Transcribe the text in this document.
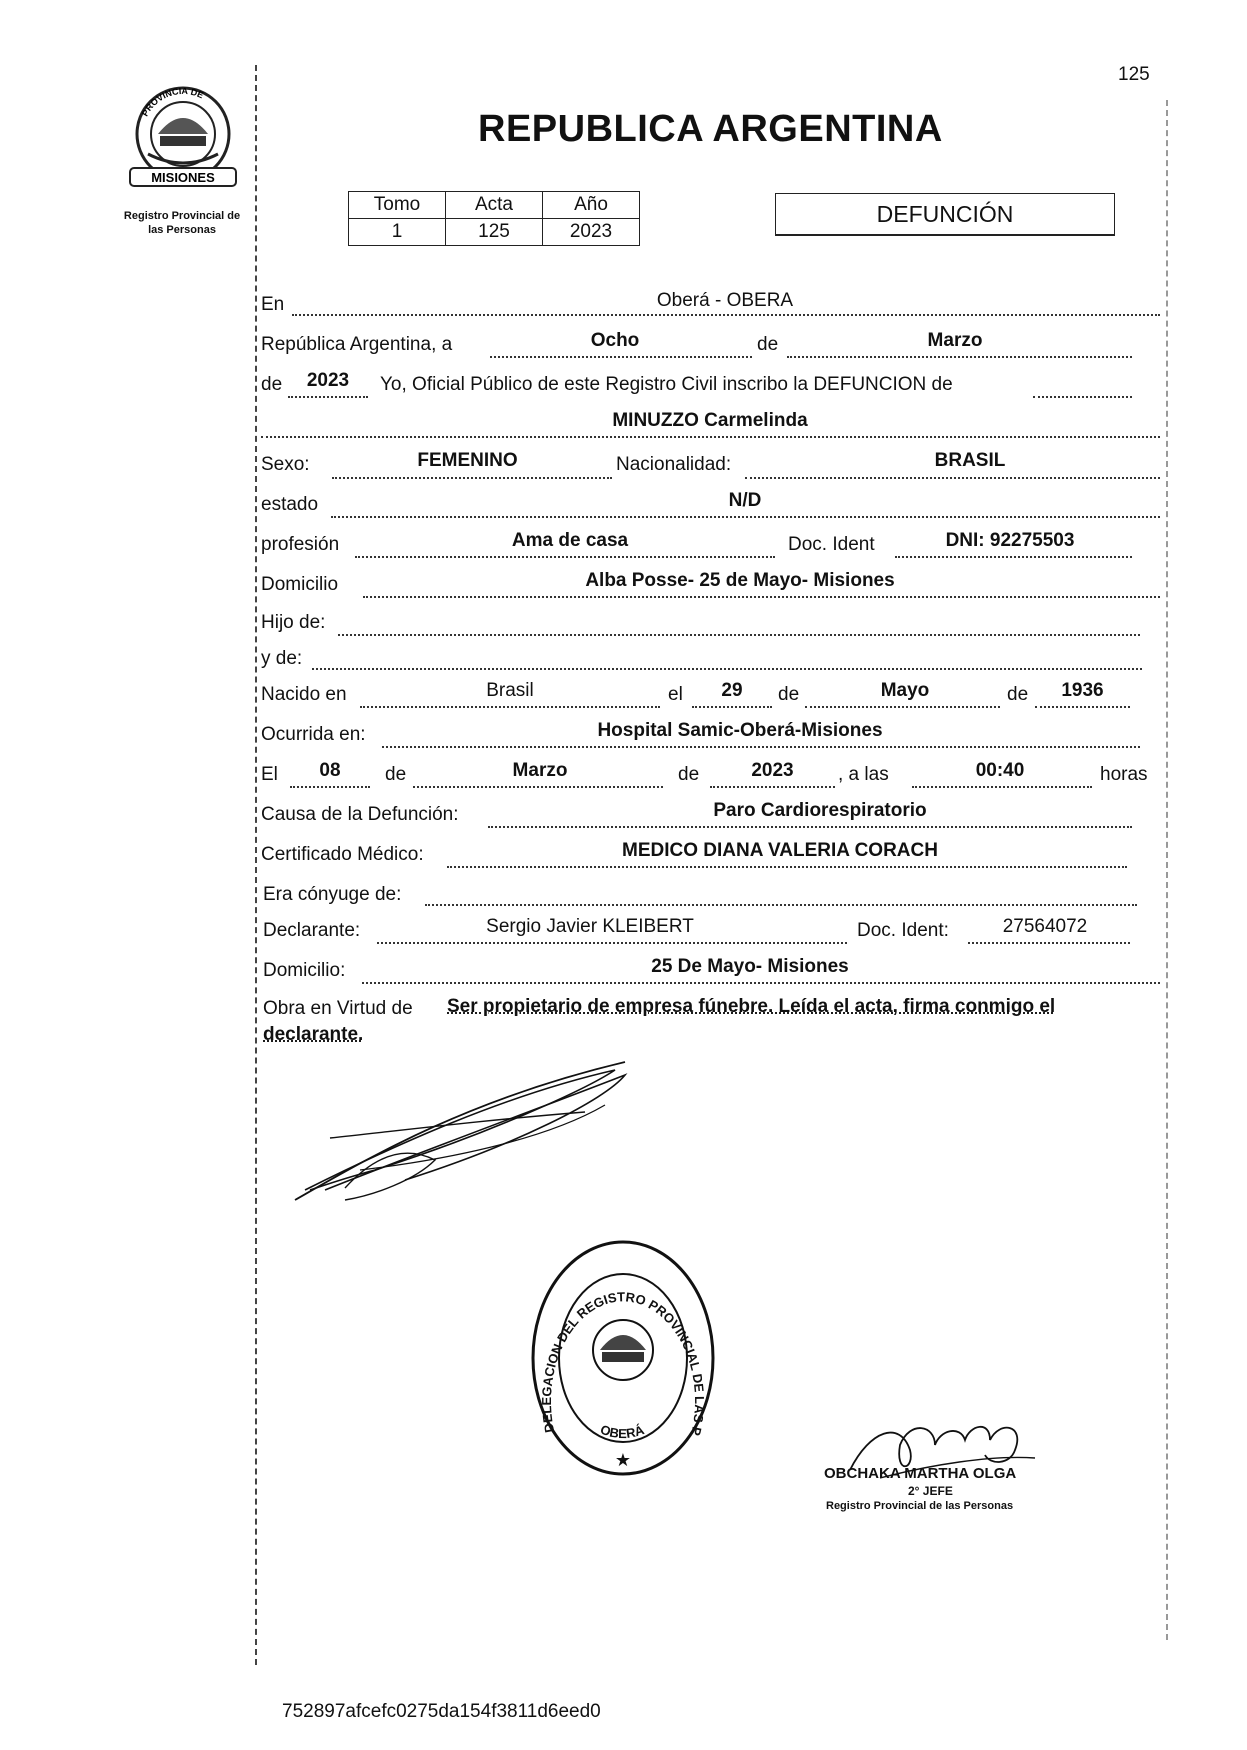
125
PROVINCIA DE
MISIONES
Registro Provincial de
las Personas
REPUBLICA ARGENTINA
Tomo	Acta	Año
1	125	2023
DEFUNCIÓN
En	Oberá - OBERA
República Argentina, a	Ocho	de	Marzo
de	2023	Yo, Oficial Público de este Registro Civil inscribo la DEFUNCION de
MINUZZO Carmelinda
Sexo:	FEMENINO	Nacionalidad:	BRASIL
estado	N/D
profesión	Ama de casa	Doc. Ident	DNI: 92275503
Domicilio	Alba Posse- 25 de Mayo- Misiones
Hijo de:
y de:
Nacido en	Brasil	el	29	de	Mayo	de	1936
Ocurrida en:	Hospital Samic-Oberá-Misiones
El	08	de	Marzo	de	2023	, a las	00:40	horas
Causa de la Defunción:	Paro Cardiorespiratorio
Certificado Médico:	MEDICO DIANA VALERIA CORACH
Era cónyuge de:
Declarante:	Sergio Javier KLEIBERT	Doc. Ident:	27564072
Domicilio:	25 De Mayo- Misiones
Obra en Virtud de Ser propietario de empresa fúnebre. Leída el acta, firma conmigo el
declarante.
DELEGACION DEL REGISTRO PROVINCIAL DE LAS P
OBERÁ
★
OBCHAKA MARTHA OLGA
2° JEFE
Registro Provincial de las Personas
752897afcefc0275da154f3811d6eed0
